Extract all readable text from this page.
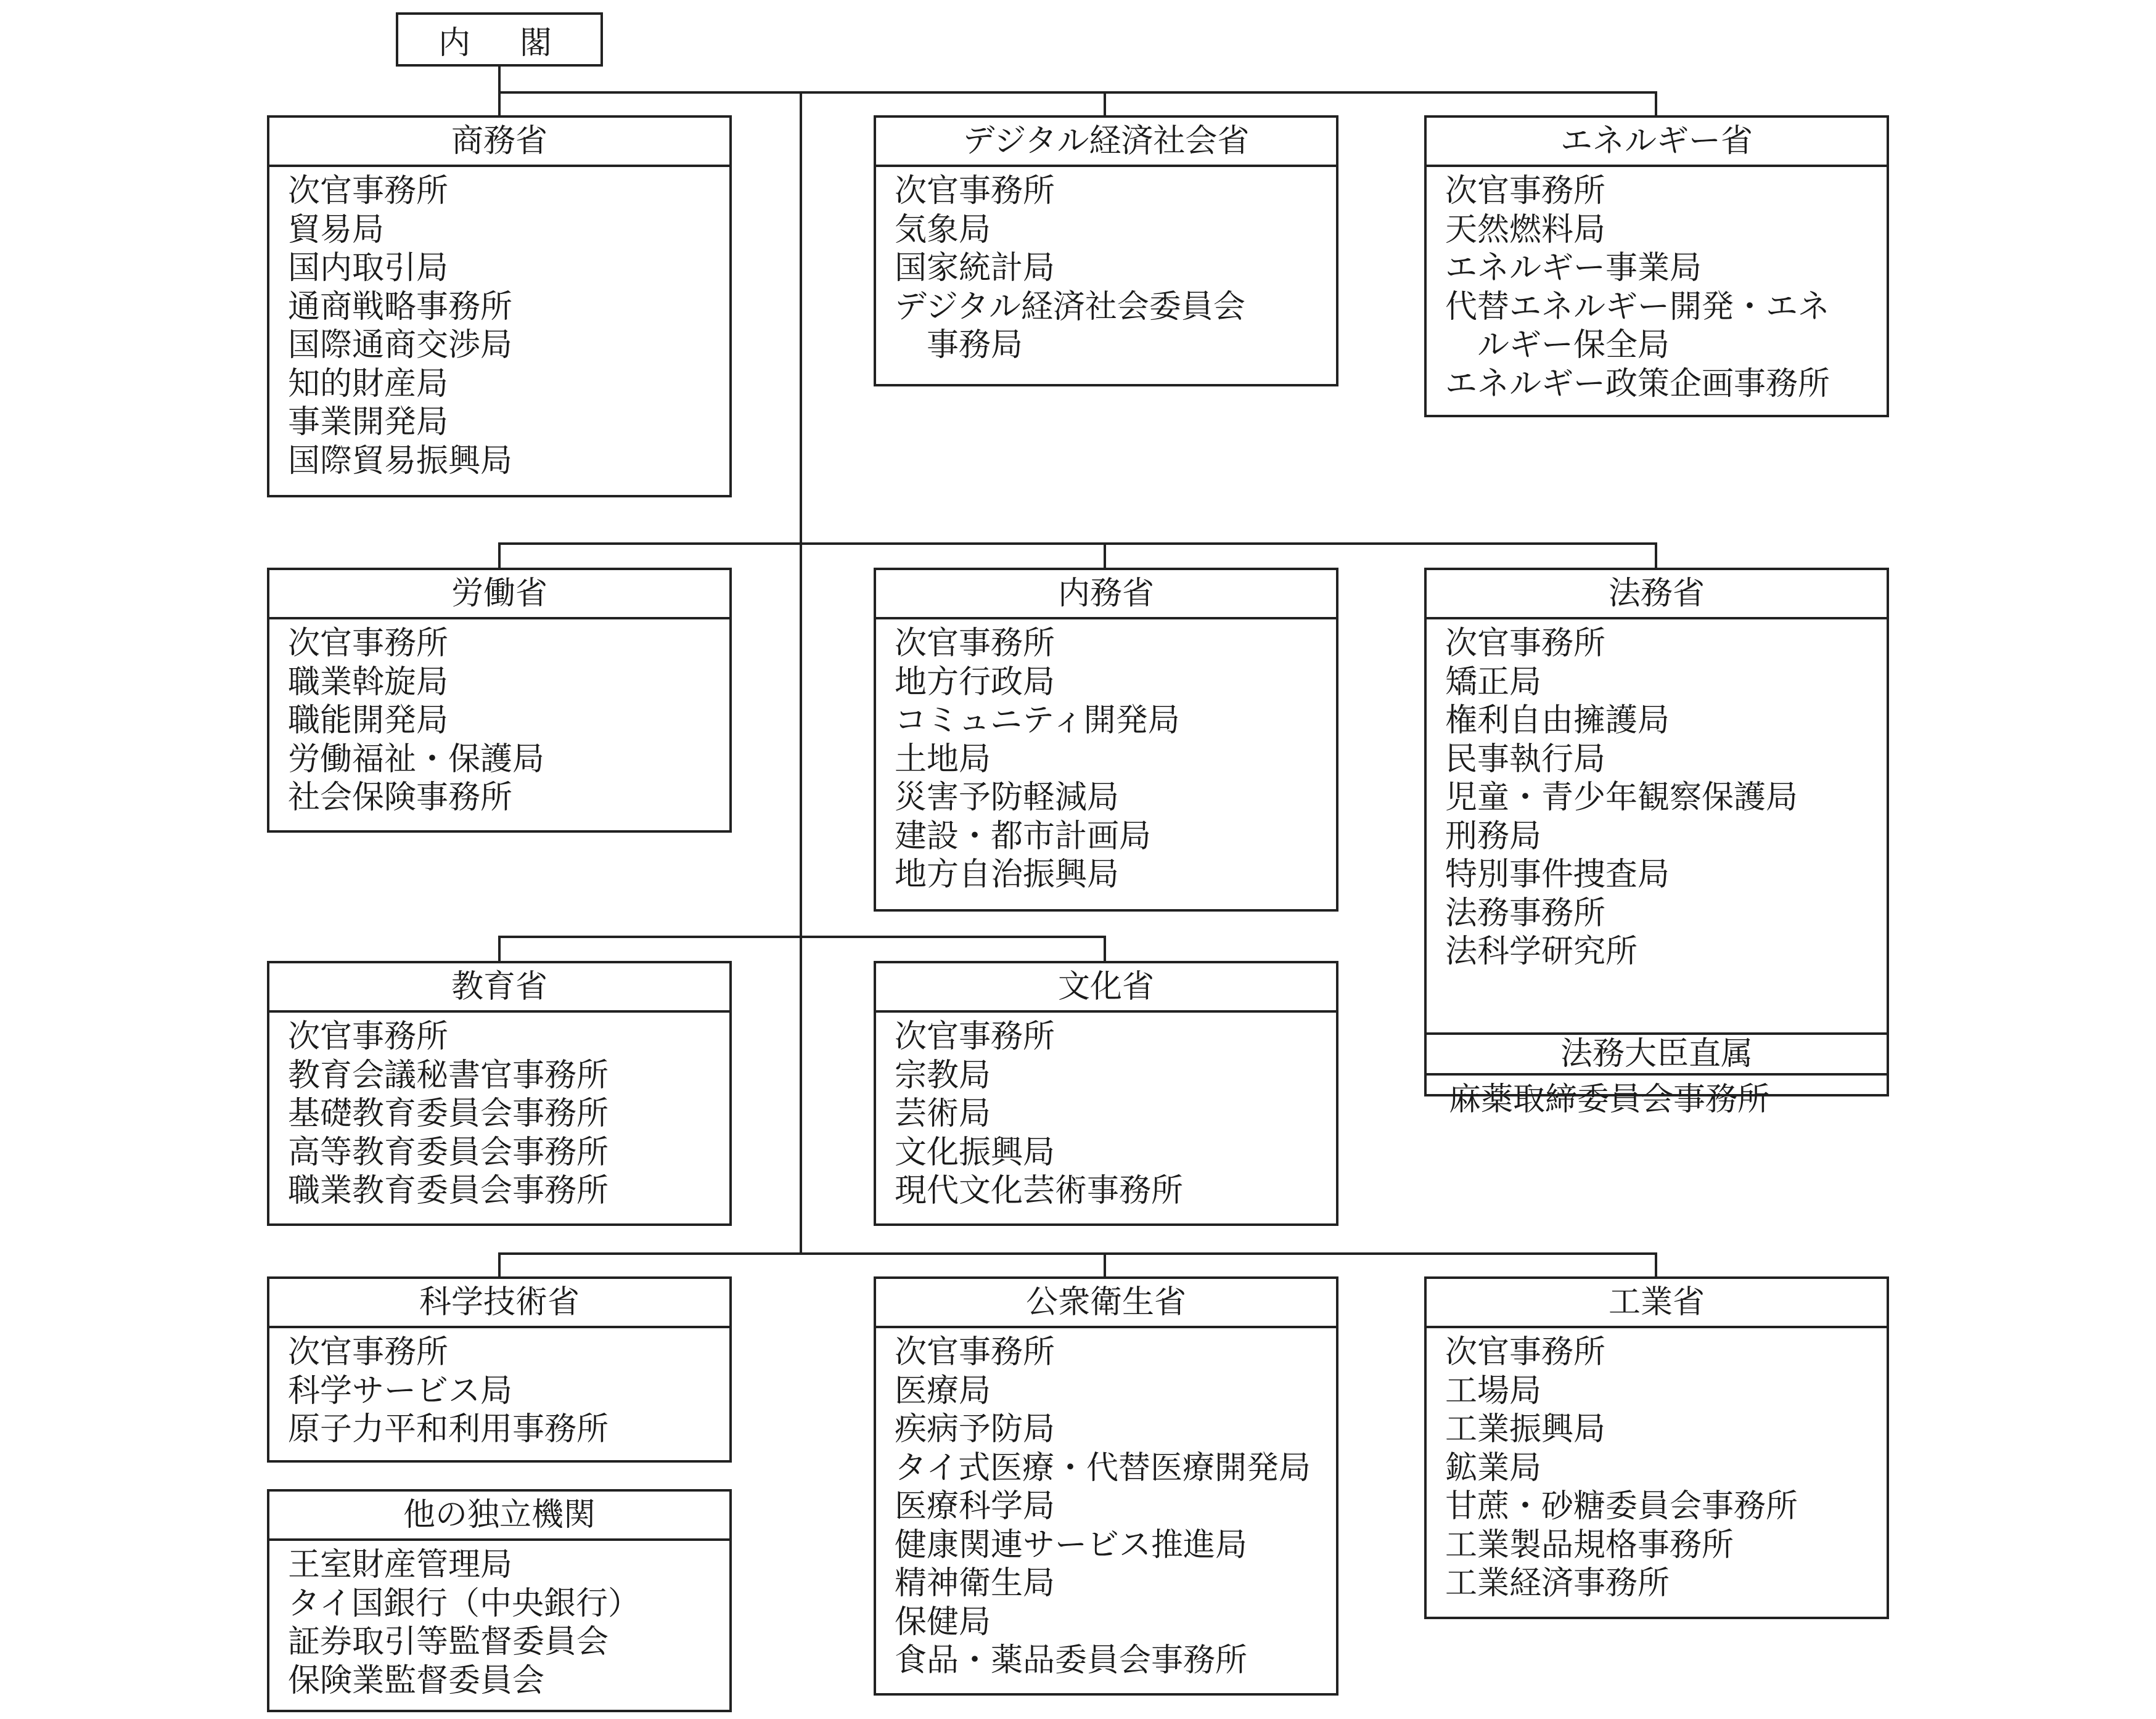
内　閣
商務省
次官事務所
貿易局
国内取引局
通商戦略事務所
国際通商交渉局
知的財産局
事業開発局
国際貿易振興局
デジタル経済社会省
次官事務所
気象局
国家統計局
デジタル経済社会委員会
事務局
エネルギー省
次官事務所
天然燃料局
エネルギー事業局
代替エネルギー開発・エネ
ルギー保全局
エネルギー政策企画事務所
労働省
次官事務所
職業斡旋局
職能開発局
労働福祉・保護局
社会保険事務所
内務省
次官事務所
地方行政局
コミュニティ開発局
土地局
災害予防軽減局
建設・都市計画局
地方自治振興局
法務省
次官事務所
矯正局
権利自由擁護局
民事執行局
児童・青少年観察保護局
刑務局
特別事件捜査局
法務事務所
法科学研究所
法務大臣直属
麻薬取締委員会事務所
教育省
次官事務所
教育会議秘書官事務所
基礎教育委員会事務所
高等教育委員会事務所
職業教育委員会事務所
文化省
次官事務所
宗教局
芸術局
文化振興局
現代文化芸術事務所
科学技術省
次官事務所
科学サービス局
原子力平和利用事務所
他の独立機関
王室財産管理局
タイ国銀行（中央銀行）
証券取引等監督委員会
保険業監督委員会
公衆衛生省
次官事務所
医療局
疾病予防局
タイ式医療・代替医療開発局
医療科学局
健康関連サービス推進局
精神衛生局
保健局
食品・薬品委員会事務所
工業省
次官事務所
工場局
工業振興局
鉱業局
甘蔗・砂糖委員会事務所
工業製品規格事務所
工業経済事務所
